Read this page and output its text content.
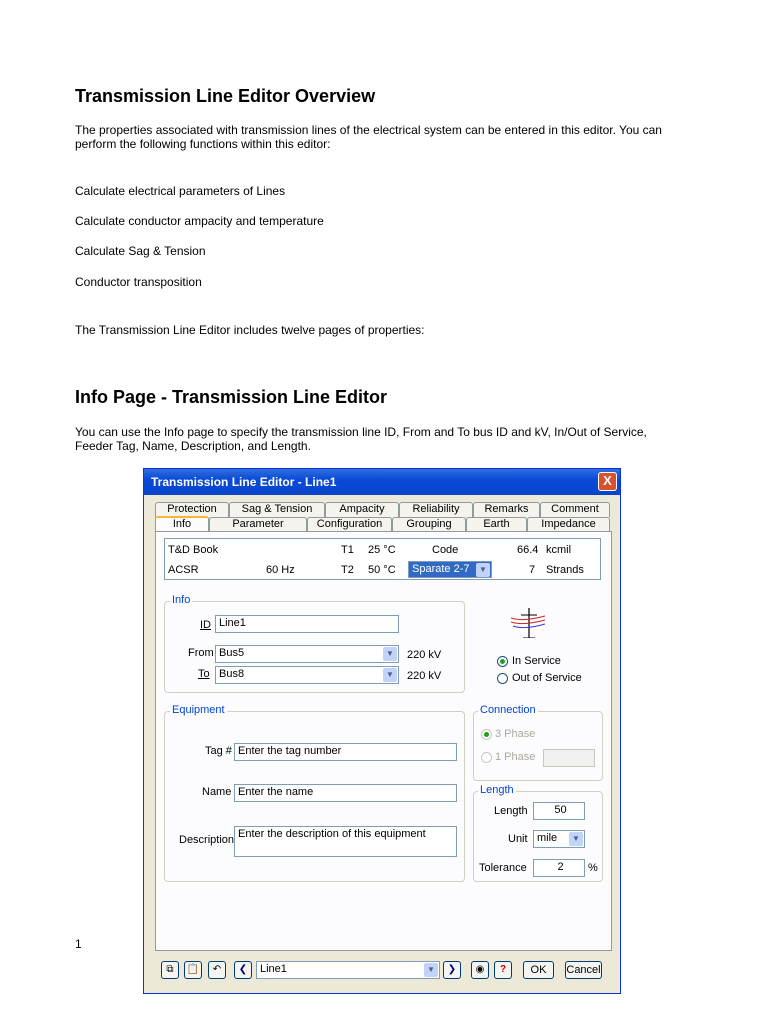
Transmission Line Editor Overview

The properties associated with transmission lines of the electrical system can be entered in this editor. You can perform the following functions within this editor:

Calculate electrical parameters of Lines

Calculate conductor ampacity and temperature

Calculate Sag & Tension

Conductor transposition

The Transmission Line Editor includes twelve pages of properties:

Info Page - Transmission Line Editor

You can use the Info page to specify the transmission line ID, From and To bus ID and kV, In/Out of Service, Feeder Tag, Name, Description, and Length.

1
Transmission Line Editor - Line1	X
Protection	Sag & Tension	Ampacity	Reliability	Remarks	Comment
Info	Parameter	Configuration	Grouping	Earth	Impedance
T&D Book	T1 25 °C	Code	66.4 kcmil
ACSR	60 Hz	T2 50 °C	Sparate 2-7	▼	7 Strands
Info
ID Line1
From Bus5	▼ 220 kV
To Bus8	▼ 220 kV
In Service
Out of Service
Equipment
Tag # Enter the tag number
Name Enter the name
Description Enter the description of this equipment
Connection
3 Phase
1 Phase
Length
Length	50
Unit mile	▼
Tolerance	2	%
⧉	📋	↶	❮	Line1	▼	❯	◉	?	OK	Cancel
